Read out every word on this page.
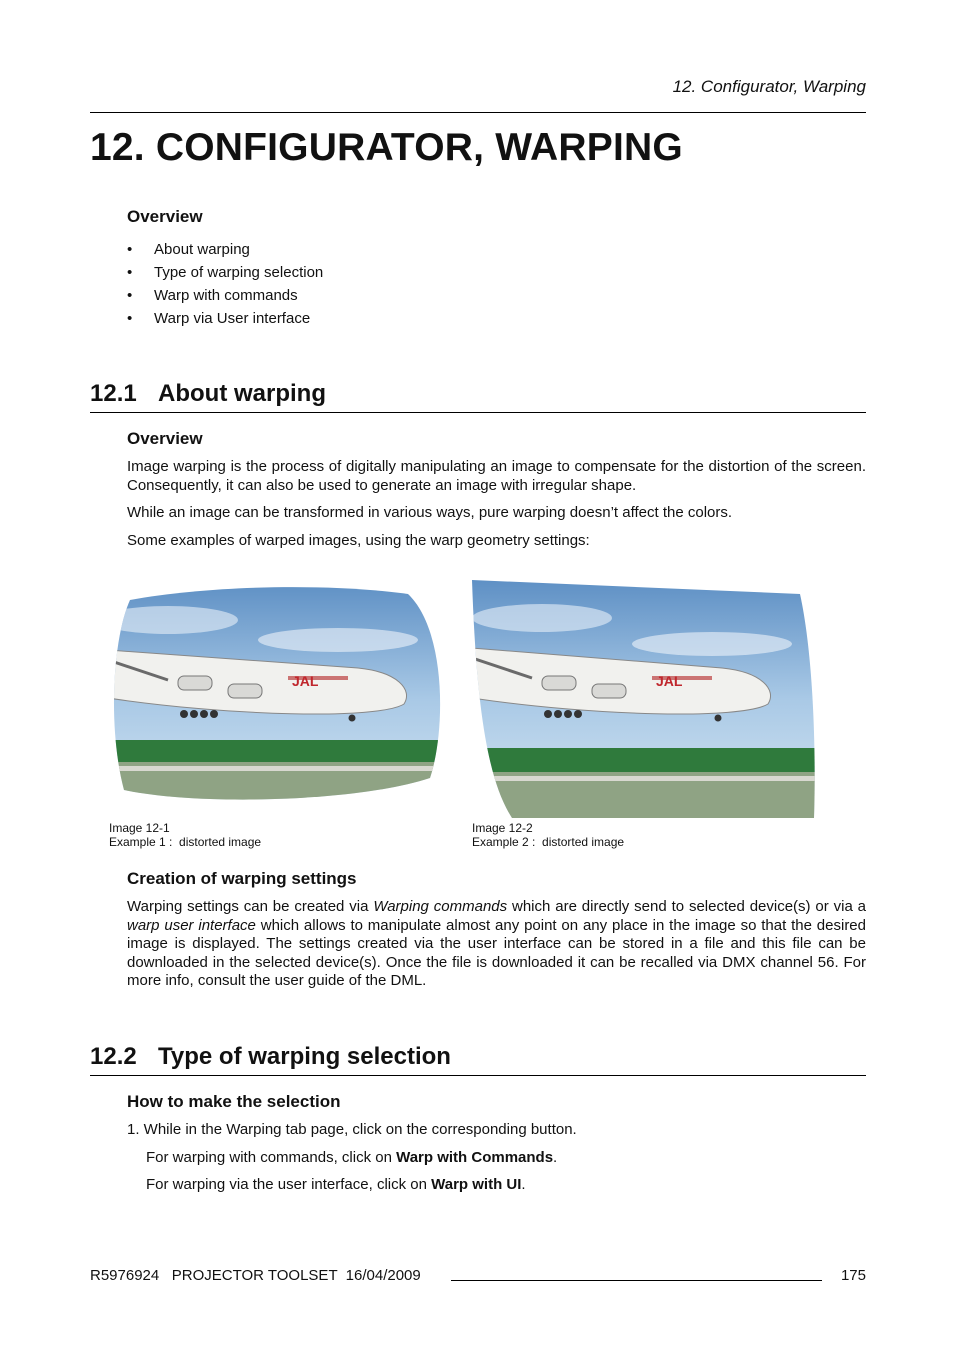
12. Configurator, Warping
12. CONFIGURATOR, WARPING
Overview
• About warping
• Type of warping selection
• Warp with commands
• Warp via User interface
12.1 About warping
Overview

Image warping is the process of digitally manipulating an image to compensate for the distortion of the screen. Consequently, it can also be used to generate an image with irregular shape.

While an image can be transformed in various ways, pure warping doesn’t affect the colors.

Some examples of warped images, using the warp geometry settings:

JAL
Image 12-1
Example 1 :  distorted image
JAL
Image 12-2
Example 2 :  distorted image
Creation of warping settings

Warping settings can be created via Warping commands which are directly send to selected device(s) or via a warp user interface which allows to manipulate almost any point on any place in the image so that the desired image is displayed. The settings created via the user interface can be stored in a file and this file can be downloaded in the selected device(s). Once the file is downloaded it can be recalled via DMX channel 56. For more info, consult the user guide of the DML.

12.2 Type of warping selection
How to make the selection

1. While in the Warping tab page, click on the corresponding button.

For warping with commands, click on Warp with Commands.

For warping via the user interface, click on Warp with UI.

R5976924   PROJECTOR TOOLSET  16/04/2009	175
